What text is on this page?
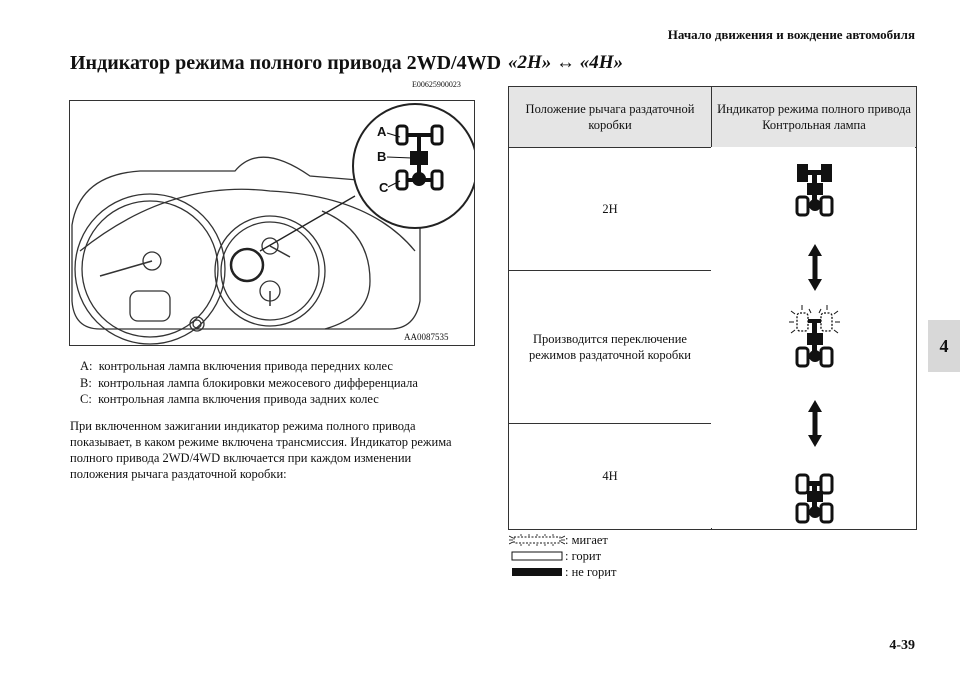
Начало движения и вождение автомобиля
4
4-39
Индикатор режима полного привода 2WD/4WD
E00625900023
A
B
C
AA0087535
A: контрольная лампа включения привода передних колес
B: контрольная лампа блокировки межосевого дифференциала
C: контрольная лампа включения привода задних колес
При включенном зажигании индикатор режима полного привода показывает, в каком режиме включена трансмиссия. Индикатор режима полного привода 2WD/4WD включается при каждом изменении положения рычага раздаточной коробки:
«2H» ↔ «4H»
Положение рычага раздаточной коробки
Индикатор режима полного привода
Контрольная лампа
2H
Производится переключение режимов раздаточной коробки
4H
: мигает
: горит
: не горит
